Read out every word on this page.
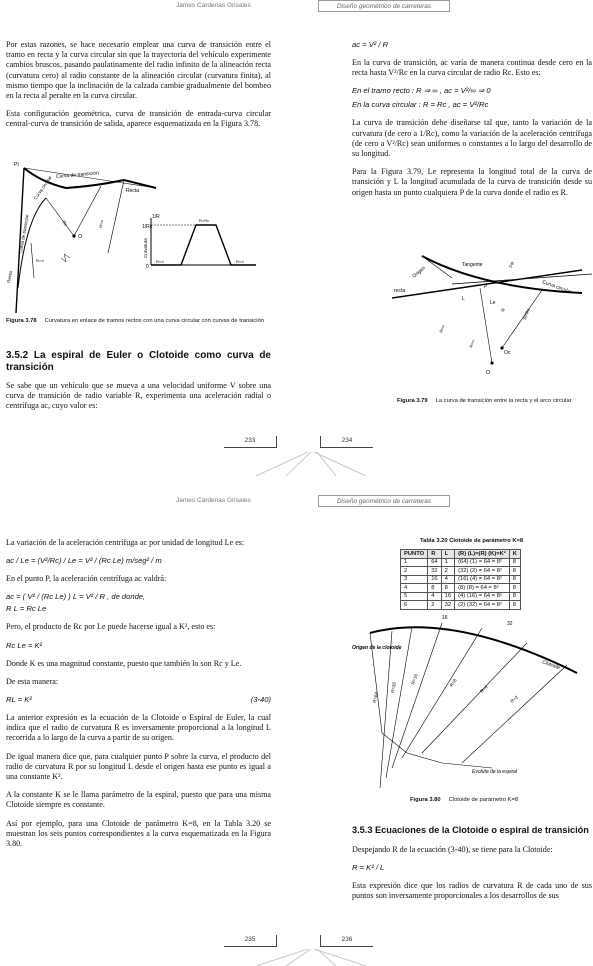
James Cárdenas Grisales	Diseño geométrico de carreteras

Por estas razones, se hace necesario emplear una curva de transición entre el tramo en recta y la curva circular sin que la trayectoria del vehículo experimente cambios bruscos, pasando paulatinamente del radio infinito de la alineación recta (curvatura cero) al radio constante de la alineación circular (curvatura finita), al mismo tiempo que la inclinación de la calzada cambie gradualmente del bombeo en la recta al peralte en la curva circular.

Esta configuración geométrica, curva de transición de entrada-curva circular central-curva de transición de salida, aparece esquematizada en la Figura 3.78.

PI
Curva de transición
Recta
Curva circular
Curva de transición	Rc
Recta
R=∞
R=∞
O
1/R
1/Rc
Curvatura
0
R=Rc
R=∞	R=∞
Figura 3.78 Curvatura en enlace de tramos rectos con una curva circular con curvas de transición

3.5.2 La espiral de Euler o Clotoide como curva de transición

Se sabe que un vehículo que se mueva a una velocidad uniforme V sobre una curva de transición de radio variable R, experimenta una aceleración radial o centrífuga ac, cuyo valor es:

233	234

ac = V² / R

En la curva de transición, ac varía de manera continua desde cero en la recta hasta V²/Rc en la curva circular de radio Rc. Esto es:

En el tramo recto : R ⇒ ∞ , ac = V²/∞ ⇒ 0

En la curva circular : R = Rc , ac = V²/Rc

La curva de transición debe diseñarse tal que, tanto la variación de la curvatura (de cero a 1/Rc), como la variación de la aceleración centrífuga (de cero a V²/Rc) sean uniformes o constantes a lo largo del desarrollo de su longitud.

Para la Figura 3.79, Le representa la longitud total de la curva de transición y L la longitud acumulada de la curva de transición desde su origen hasta un punto cualquiera P de la curva donde el radio es R.

Origen
Tangente	Fin
Curva circular
recta
L
Le
P
R	R=Rc
R=∞
R=∞
O
Oc
Figura 3.79 La curva de transición entre la recta y el arco circular
James Cárdenas Grisales	Diseño geométrico de carreteras

La variación de la aceleración centrífuga ac por unidad de longitud Le es:

ac / Le = (V²/Rc) / Le = V² / (Rc Le) m/seg² / m

En el punto P, la aceleración centrífuga ac valdrá:

ac = ( V² / (Rc Le) ) L = V² / R , de donde,

R L = Rc Le

Pero, el producto de Rc por Le puede hacerse igual a K², esto es:

Rc Le = K²

Donde K es una magnitud constante, puesto que también lo son Rc y Le.

De esta manera:

RL = K²	(3-40)

La anterior expresión es la ecuación de la Clotoide o Espiral de Euler, la cual indica que el radio de curvatura R es inversamente proporcional a la longitud L recorrida a lo largo de la curva a partir de su origen.

De igual manera dice que, para cualquier punto P sobre la curva, el producto del radio de curvatura R por su longitud L desde el origen hasta ese punto es igual a una constante K².

A la constante K se le llama parámetro de la espiral, puesto que para una misma Clotoide siempre es constante.

Así por ejemplo, para una Clotoide de parámetro K=8, en la Tabla 3.20 se muestran los seis puntos correspondientes a la curva esquematizada en la Figura 3.80.

235	236
Tabla 3.20 Clotoide de parámetro K=8
PUNTO	R	L	(R) (L)=(R) (K)=K²	K
1	64	1	(64) (1) = 64 = 8²	8
2	32	2	(32) (2) = 64 = 8²	8
3	16	4	(16) (4) = 64 = 8²	8
4	8	8	(8) (8) = 64 = 8²	8
5	4	16	(4) (16) = 64 = 8²	8
6	2	32	(2) (32) = 64 = 8²	8
16
32
Origen de la clotoide
R=64
R=32
R=16	R=8
R=4
R=2
Clotoide
Evoluta de la espiral
Figura 3.80 Clotoide de parámetro K=8

3.5.3 Ecuaciones de la Clotoide o espiral de transición

Despejando R de la ecuación (3-40), se tiene para la Clotoide:

R = K² / L

Esta expresión dice que los radios de curvatura R de cada uno de sus puntos son inversamente proporcionales a los desarrollos de sus
